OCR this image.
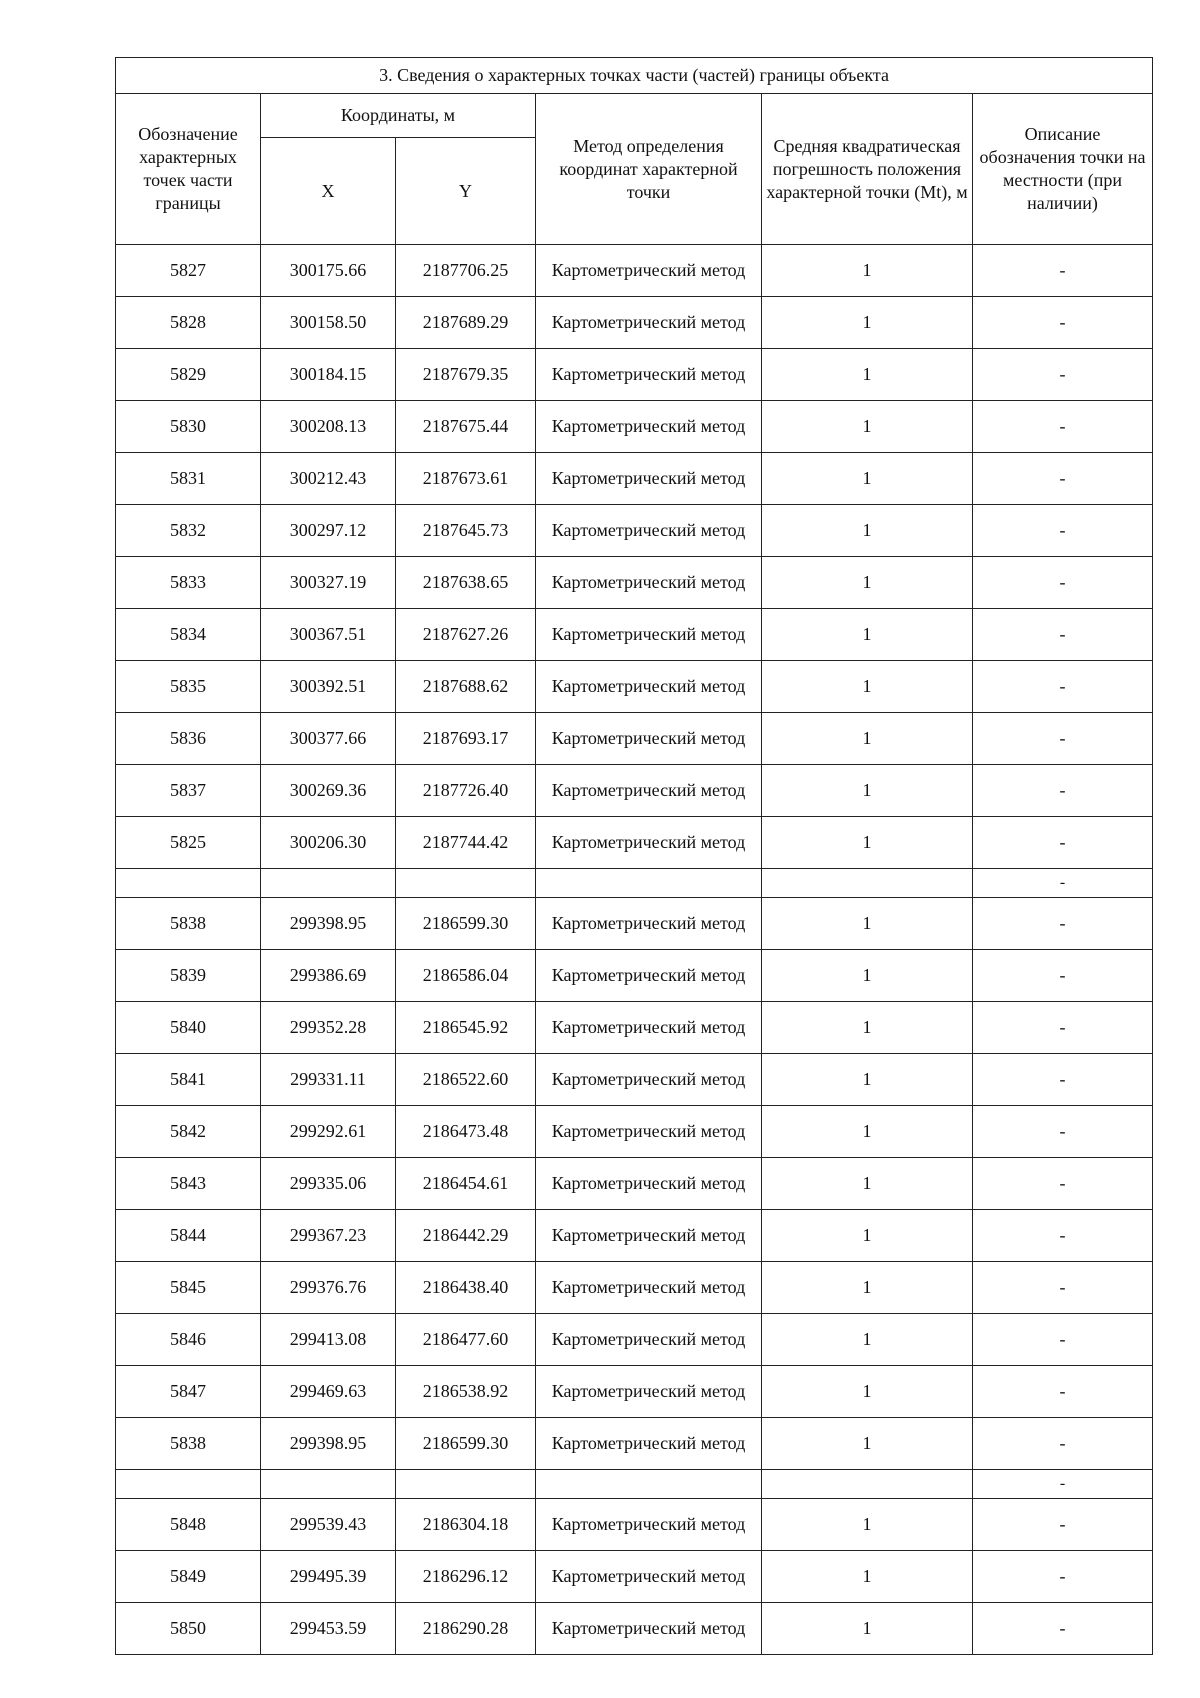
3. Сведения о характерных точках части (частей) границы объекта					
Обозначение характерных точек части границы	Координаты, м		Метод определения координат характерной точки	Средняя квадратическая погрешность положения характерной точки (Mt), м	Описание обозначения точки на местности (при наличии)
	X	Y			
5827	300175.66	2187706.25	Картометрический метод	1	-
5828	300158.50	2187689.29	Картометрический метод	1	-
5829	300184.15	2187679.35	Картометрический метод	1	-
5830	300208.13	2187675.44	Картометрический метод	1	-
5831	300212.43	2187673.61	Картометрический метод	1	-
5832	300297.12	2187645.73	Картометрический метод	1	-
5833	300327.19	2187638.65	Картометрический метод	1	-
5834	300367.51	2187627.26	Картометрический метод	1	-
5835	300392.51	2187688.62	Картометрический метод	1	-
5836	300377.66	2187693.17	Картометрический метод	1	-
5837	300269.36	2187726.40	Картометрический метод	1	-
5825	300206.30	2187744.42	Картометрический метод	1	-
					-
5838	299398.95	2186599.30	Картометрический метод	1	-
5839	299386.69	2186586.04	Картометрический метод	1	-
5840	299352.28	2186545.92	Картометрический метод	1	-
5841	299331.11	2186522.60	Картометрический метод	1	-
5842	299292.61	2186473.48	Картометрический метод	1	-
5843	299335.06	2186454.61	Картометрический метод	1	-
5844	299367.23	2186442.29	Картометрический метод	1	-
5845	299376.76	2186438.40	Картометрический метод	1	-
5846	299413.08	2186477.60	Картометрический метод	1	-
5847	299469.63	2186538.92	Картометрический метод	1	-
5838	299398.95	2186599.30	Картометрический метод	1	-
					-
5848	299539.43	2186304.18	Картометрический метод	1	-
5849	299495.39	2186296.12	Картометрический метод	1	-
5850	299453.59	2186290.28	Картометрический метод	1	-
